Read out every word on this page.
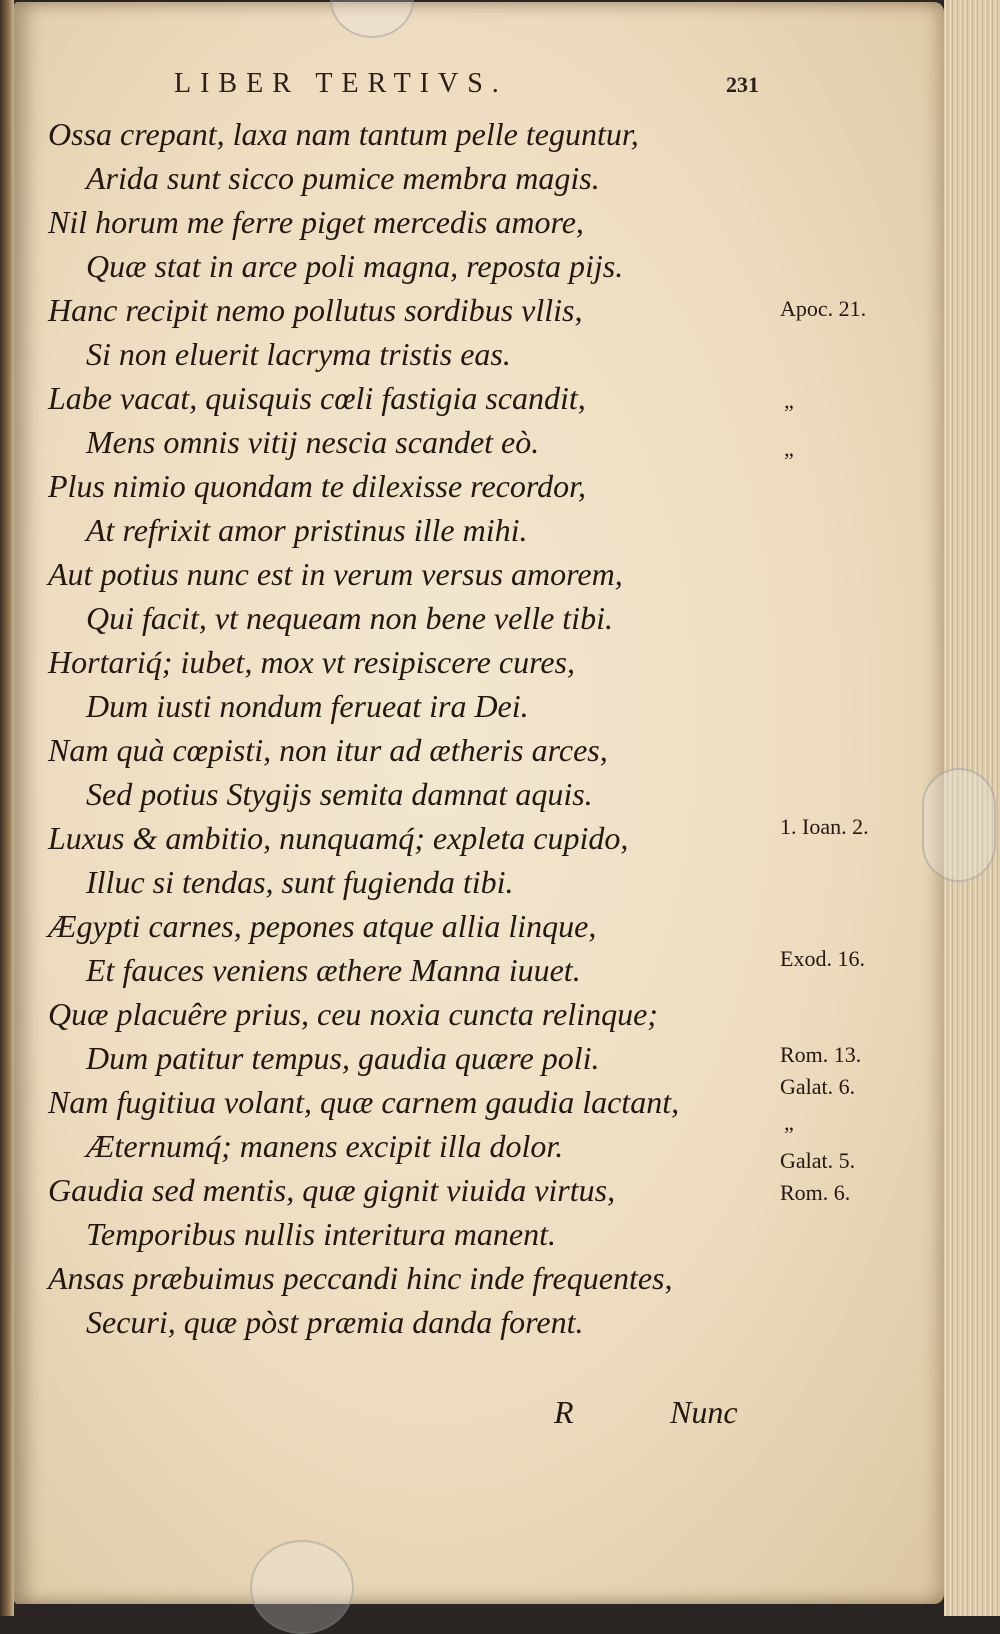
LIBER TERTIVS.	231
Ossa crepant, laxa nam tantum pelle teguntur,
Arida sunt sicco pumice membra magis.
Nil horum me ferre piget mercedis amore,
Quæ stat in arce poli magna, reposta pijs.
Hanc recipit nemo pollutus sordibus vllis,
Si non eluerit lacryma tristis eas.
Labe vacat, quisquis cœli fastigia scandit,
Mens omnis vitij nescia scandet eò.
Plus nimio quondam te dilexisse recordor,
At refrixit amor pristinus ille mihi.
Aut potius nunc est in verum versus amorem,
Qui facit, vt nequeam non bene velle tibi.
Hortariq́; iubet, mox vt resipiscere cures,
Dum iusti nondum ferueat ira Dei.
Nam quà cœpisti, non itur ad ætheris arces,
Sed potius Stygijs semita damnat aquis.
Luxus & ambitio, nunquamq́; expleta cupido,
Illuc si tendas, sunt fugienda tibi.
Ægypti carnes, pepones atque allia linque,
Et fauces veniens æthere Manna iuuet.
Quæ placuêre prius, ceu noxia cuncta relinque;
Dum patitur tempus, gaudia quære poli.
Nam fugitiua volant, quæ carnem gaudia lactant,
Æternumq́; manens excipit illa dolor.
Gaudia sed mentis, quæ gignit viuida virtus,
Temporibus nullis interitura manent.
Ansas præbuimus peccandi hinc inde frequentes,
Securi, quæ pòst præmia danda forent.
Apoc. 21.
”
”
1. Ioan. 2.
Exod. 16.
Rom. 13.
Galat. 6.
”
Galat. 5.
Rom. 6.
R	Nunc
